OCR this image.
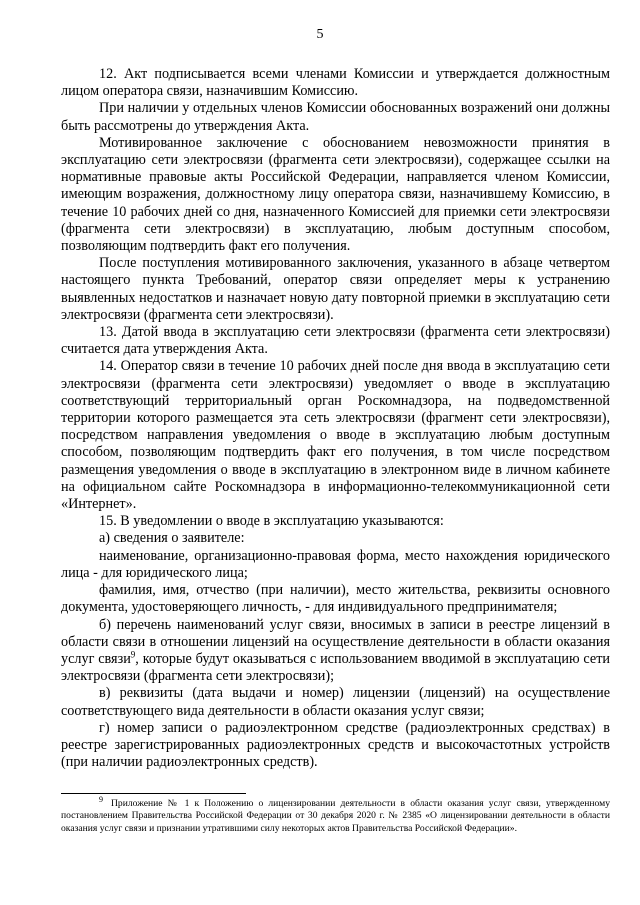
5

12. Акт подписывается всеми членами Комиссии и утверждается должностным лицом оператора связи, назначившим Комиссию.

При наличии у отдельных членов Комиссии обоснованных возражений они должны быть рассмотрены до утверждения Акта.

Мотивированное заключение с обоснованием невозможности принятия в эксплуатацию сети электросвязи (фрагмента сети электросвязи), содержащее ссылки на нормативные правовые акты Российской Федерации, направляется членом Комиссии, имеющим возражения, должностному лицу оператора связи, назначившему Комиссию, в течение 10 рабочих дней со дня, назначенного Комиссией для приемки сети электросвязи (фрагмента сети электросвязи) в эксплуатацию, любым доступным способом, позволяющим подтвердить факт его получения.

После поступления мотивированного заключения, указанного в абзаце четвертом настоящего пункта Требований, оператор связи определяет меры к устранению выявленных недостатков и назначает новую дату повторной приемки в эксплуатацию сети электросвязи (фрагмента сети электросвязи).

13. Датой ввода в эксплуатацию сети электросвязи (фрагмента сети электросвязи) считается дата утверждения Акта.

14. Оператор связи в течение 10 рабочих дней после дня ввода в эксплуатацию сети электросвязи (фрагмента сети электросвязи) уведомляет о вводе в эксплуатацию соответствующий территориальный орган Роскомнадзора, на подведомственной территории которого размещается эта сеть электросвязи (фрагмент сети электросвязи), посредством направления уведомления о вводе в эксплуатацию любым доступным способом, позволяющим подтвердить факт его получения, в том числе посредством размещения уведомления о вводе в эксплуатацию в электронном виде в личном кабинете на официальном сайте Роскомнадзора в информационно-телекоммуникационной сети «Интернет».

15. В уведомлении о вводе в эксплуатацию указываются:

а) сведения о заявителе:

наименование, организационно-правовая форма, место нахождения юридического лица - для юридического лица;

фамилия, имя, отчество (при наличии), место жительства, реквизиты основного документа, удостоверяющего личность, - для индивидуального предпринимателя;

б) перечень наименований услуг связи, вносимых в записи в реестре лицензий в области связи в отношении лицензий на осуществление деятельности в области оказания услуг связи$^9$, которые будут оказываться с использованием вводимой в эксплуатацию сети электросвязи (фрагмента сети электросвязи);

в) реквизиты (дата выдачи и номер) лицензии (лицензий) на осуществление соответствующего вида деятельности в области оказания услуг связи;

г) номер записи о радиоэлектронном средстве (радиоэлектронных средствах) в реестре зарегистрированных радиоэлектронных средств и высокочастотных устройств (при наличии радиоэлектронных средств).

$^9$ Приложение № 1 к Положению о лицензировании деятельности в области оказания услуг связи, утвержденному постановлением Правительства Российской Федерации от 30 декабря 2020 г. № 2385 «О лицензировании деятельности в области оказания услуг связи и признании утратившими силу некоторых актов Правительства Российской Федерации».
